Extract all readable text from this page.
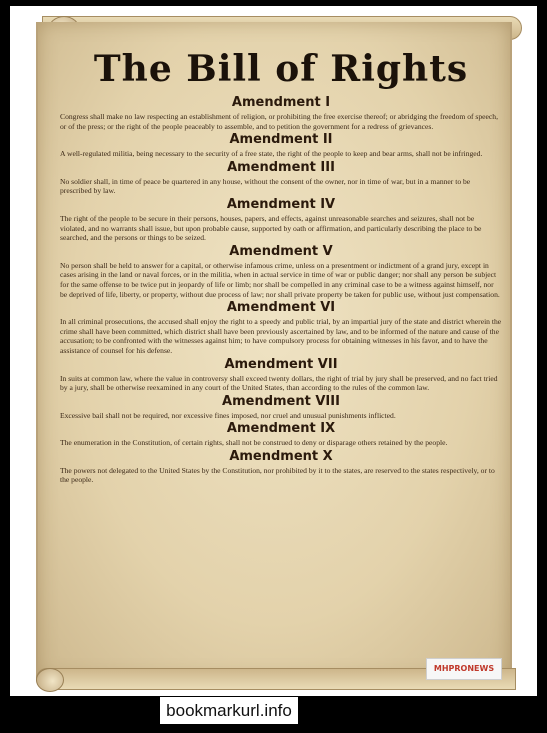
The Bill of Rights
Amendment I

Congress shall make no law respecting an establishment of religion, or prohibiting the free exercise thereof; or abridging the freedom of speech, or of the press; or the right of the people peaceably to assemble, and to petition the government for a redress of grievances.

Amendment II

A well-regulated militia, being necessary to the security of a free state, the right of the people to keep and bear arms, shall not be infringed.

Amendment III

No soldier shall, in time of peace be quartered in any house, without the consent of the owner, nor in time of war, but in a manner to be prescribed by law.

Amendment IV

The right of the people to be secure in their persons, houses, papers, and effects, against unreasonable searches and seizures, shall not be violated, and no warrants shall issue, but upon probable cause, supported by oath or affirmation, and particularly describing the place to be searched, and the persons or things to be seized.

Amendment V

No person shall be held to answer for a capital, or otherwise infamous crime, unless on a presentment or indictment of a grand jury, except in cases arising in the land or naval forces, or in the militia, when in actual service in time of war or public danger; nor shall any person be subject for the same offense to be twice put in jeopardy of life or limb; nor shall be compelled in any criminal case to be a witness against himself, nor be deprived of life, liberty, or property, without due process of law; nor shall private property be taken for public use, without just compensation.

Amendment VI

In all criminal prosecutions, the accused shall enjoy the right to a speedy and public trial, by an impartial jury of the state and district wherein the crime shall have been committed, which district shall have been previously ascertained by law, and to be informed of the nature and cause of the accusation; to be confronted with the witnesses against him; to have compulsory process for obtaining witnesses in his favor, and to have the assistance of counsel for his defense.

Amendment VII

In suits at common law, where the value in controversy shall exceed twenty dollars, the right of trial by jury shall be preserved, and no fact tried by a jury, shall be otherwise reexamined in any court of the United States, than according to the rules of the common law.

Amendment VIII

Excessive bail shall not be required, nor excessive fines imposed, nor cruel and unusual punishments inflicted.

Amendment IX

The enumeration in the Constitution, of certain rights, shall not be construed to deny or disparage others retained by the people.

Amendment X

The powers not delegated to the United States by the Constitution, nor prohibited by it to the states, are reserved to the states respectively, or to the people.

MHPRONEWS
bookmarkurl.info
